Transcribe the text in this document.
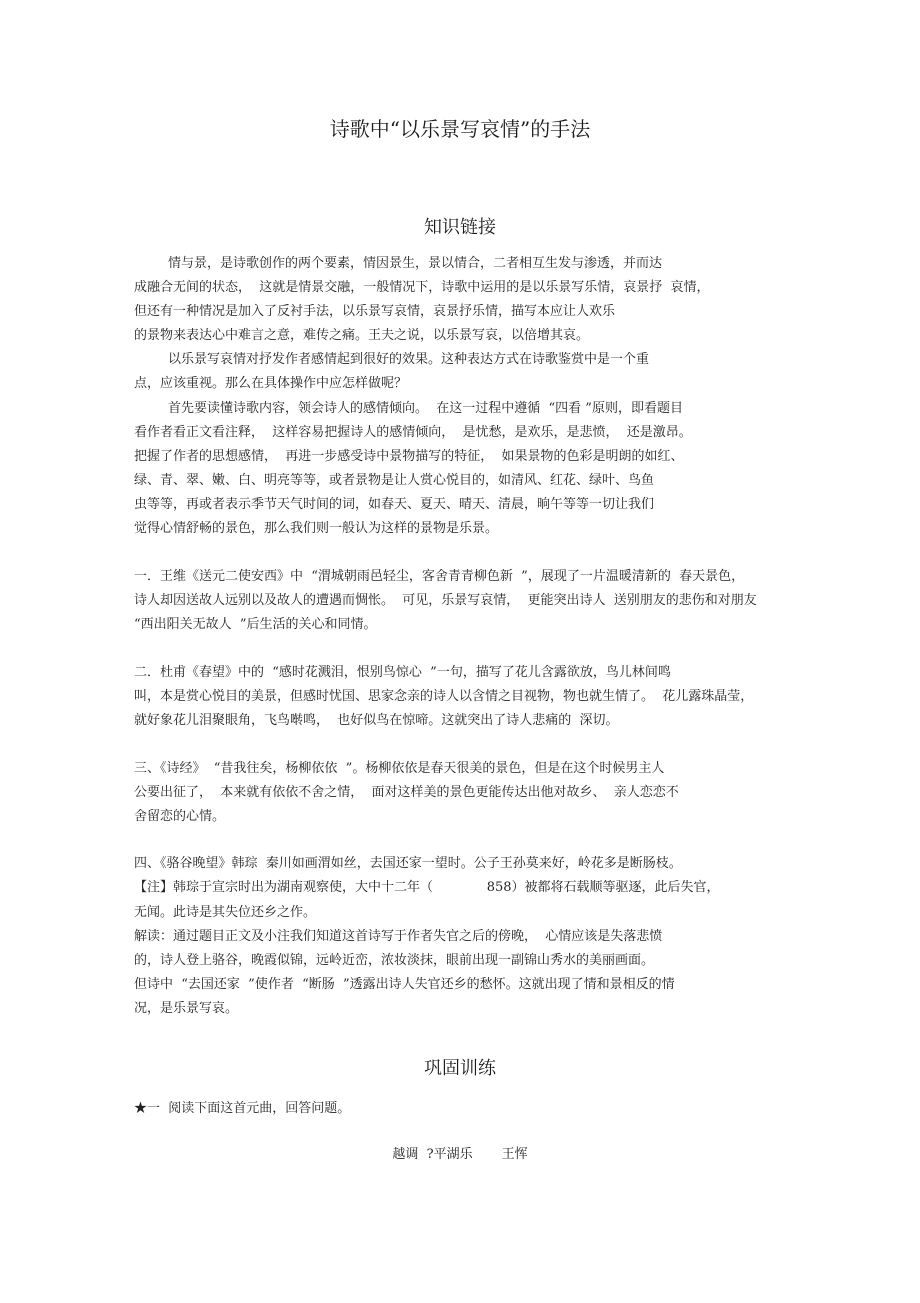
诗歌中“以乐景写哀情”的手法
知识链接

情与景，是诗歌创作的两个要素，情因景生，景以情合，二者相互生发与渗透，并而达

成融合无间的状态，  这就是情景交融，一般情况下，诗歌中运用的是以乐景写乐情，哀景抒  哀情，

但还有一种情况是加入了反衬手法，以乐景写哀情，哀景抒乐情，描写本应让人欢乐

的景物来表达心中难言之意，难传之痛。王夫之说，以乐景写哀，以倍增其哀。

以乐景写哀情对抒发作者感情起到很好的效果。这种表达方式在诗歌鉴赏中是一个重

点，应该重视。那么在具体操作中应怎样做呢？

首先要读懂诗歌内容，领会诗人的感情倾向。  在这一过程中遵循  “四看 ”原则，即看题目

看作者看正文看注释，  这样容易把握诗人的感情倾向，  是忧愁，是欢乐，是悲愤，  还是激昂。

把握了作者的思想感情，  再进一步感受诗中景物描写的特征，  如果景物的色彩是明朗的如红、

绿、青、翠、嫩、白、明亮等等，或者景物是让人赏心悦目的，如清风、红花、绿叶、鸟鱼

虫等等，再或者表示季节天气时间的词，如春天、夏天、晴天、清晨，晌午等等一切让我们

觉得心情舒畅的景色，那么我们则一般认为这样的景物是乐景。

一．王维《送元二使安西》中  “渭城朝雨邑轻尘，客舍青青柳色新  ”，展现了一片温暖清新的  春天景色，

诗人却因送故人远别以及故人的遭遇而惆怅。  可见，乐景写哀情，  更能突出诗人  送别朋友的悲伤和对朋友

“西出阳关无故人  ”后生活的关心和同情。

二．杜甫《春望》中的  “感时花溅泪，恨别鸟惊心  ”一句，描写了花儿含露欲放，鸟儿林间鸣

叫，本是赏心悦目的美景，但感时忧国、思家念亲的诗人以含情之目视物，物也就生情了。  花儿露珠晶莹，

就好象花儿泪聚眼角，飞鸟啭鸣，  也好似鸟在惊啼。这就突出了诗人悲痛的  深切。

三、《诗经》  “昔我往矣，杨柳依依  ”。杨柳依依是春天很美的景色，但是在这个时候男主人

公要出征了，  本来就有依依不舍之情，  面对这样美的景色更能传达出他对故乡、  亲人恋恋不

舍留恋的心情。

四、《骆谷晚望》韩琮  秦川如画渭如丝，去国还家一望时。公子王孙莫来好，岭花多是断肠枝。

【注】韩琮于宣宗时出为湖南观察使，大中十二年（             858）被都将石载顺等驱逐，此后失官，

无闻。此诗是其失位还乡之作。

解读：通过题目正文及小注我们知道这首诗写于作者失官之后的傍晚，  心情应该是失落悲愤

的，诗人登上骆谷，晚霞似锦，远岭近峦，浓妆淡抹，眼前出现一副锦山秀水的美丽画面。

但诗中  “去国还家  ”使作者  “断肠  ”透露出诗人失官还乡的愁怀。这就出现了情和景相反的情

况，是乐景写哀。

巩固训练

★一  阅读下面这首元曲，回答问题。

越调  ?平湖乐       王恽
